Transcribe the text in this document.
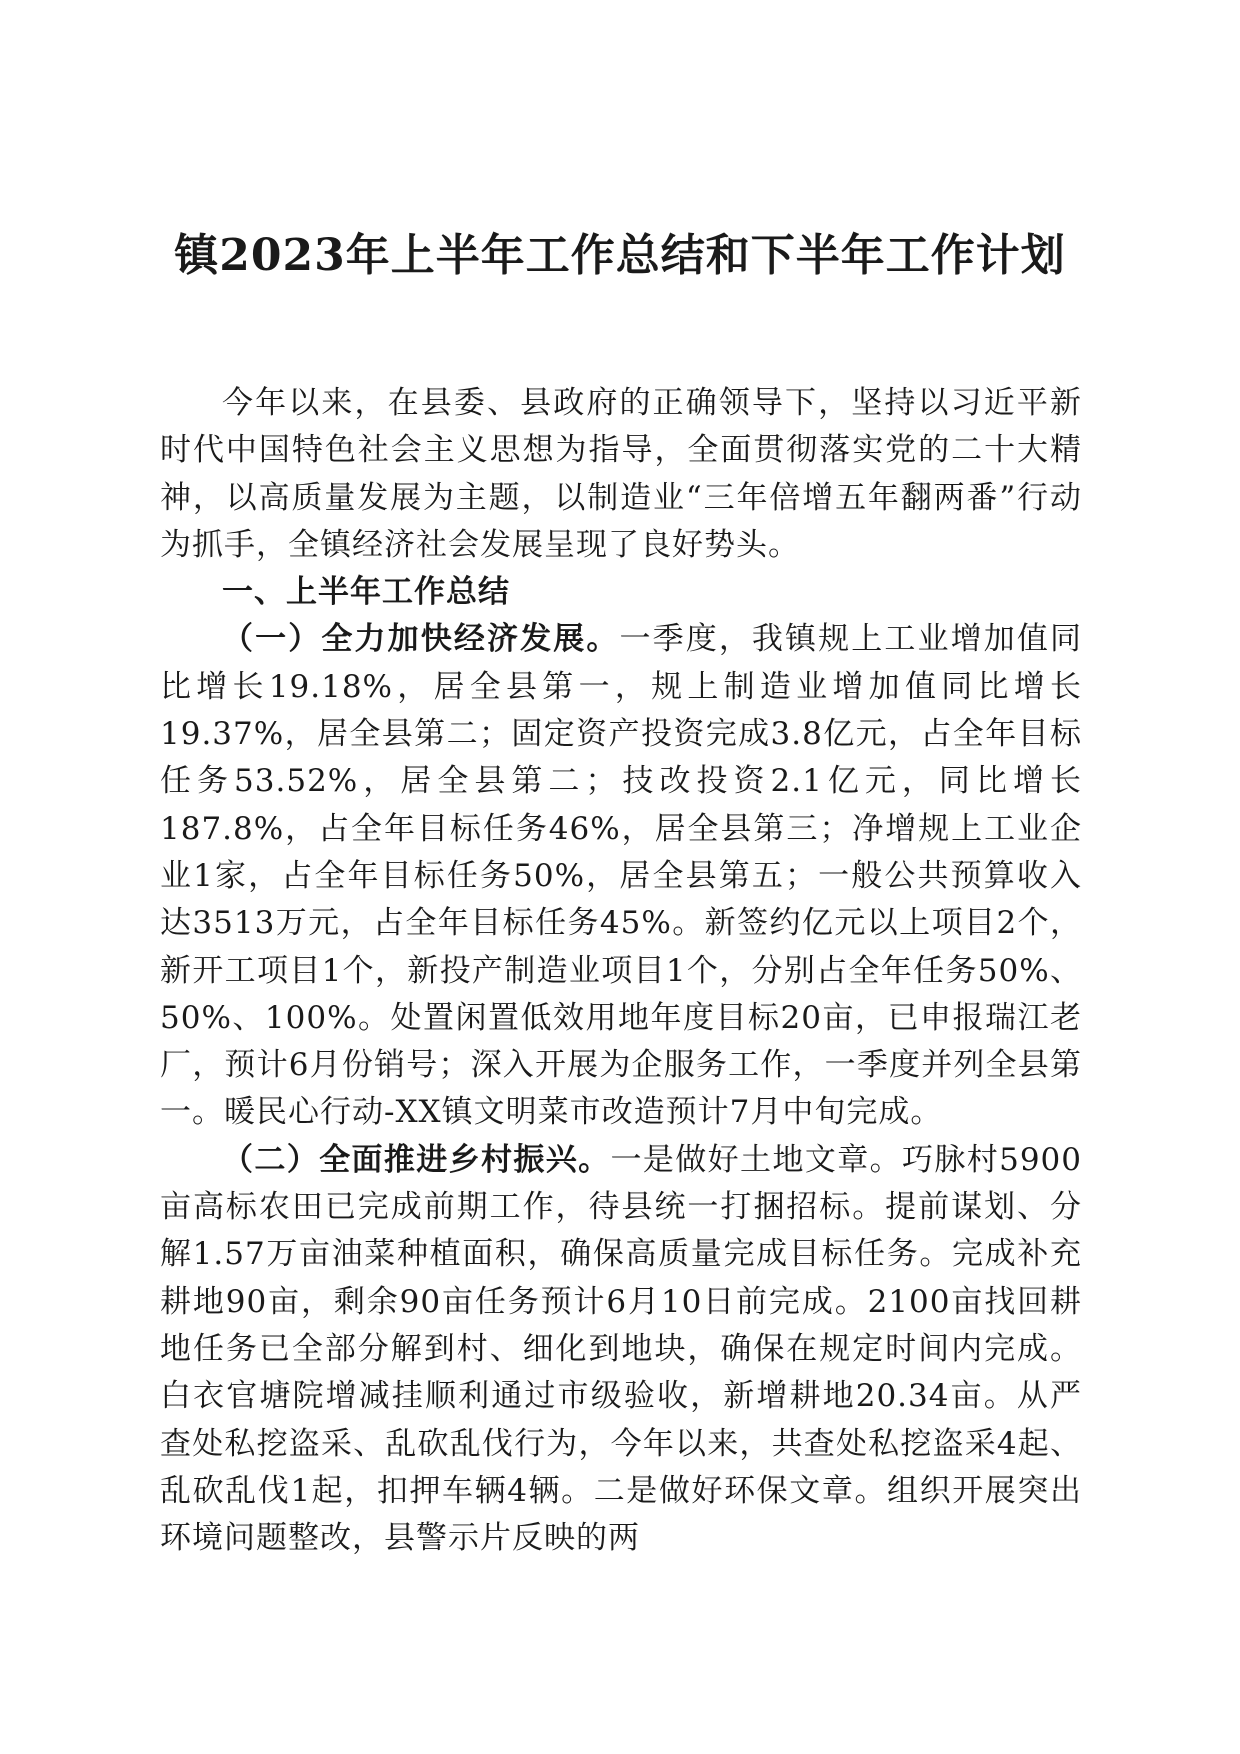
镇2023年上半年工作总结和下半年工作计划

今年以来，在县委、县政府的正确领导下，坚持以习近平新时代中国特色社会主义思想为指导，全面贯彻落实党的二十大精神，以高质量发展为主题，以制造业“三年倍增五年翻两番”行动为抓手，全镇经济社会发展呈现了良好势头。

一、上半年工作总结

（一）全力加快经济发展。一季度，我镇规上工业增加值同比增长19.18%，居全县第一，规上制造业增加值同比增长19.37%，居全县第二；固定资产投资完成3.8亿元，占全年目标任务53.52%，居全县第二；技改投资2.1亿元，同比增长187.8%，占全年目标任务46%，居全县第三；净增规上工业企业1家，占全年目标任务50%，居全县第五；一般公共预算收入达3513万元，占全年目标任务45%。新签约亿元以上项目2个，新开工项目1个，新投产制造业项目1个，分别占全年任务50%、50%、100%。处置闲置低效用地年度目标20亩，已申报瑞江老厂，预计6月份销号；深入开展为企服务工作，一季度并列全县第一。暖民心行动-XX镇文明菜市改造预计7月中旬完成。

（二）全面推进乡村振兴。一是做好土地文章。巧脉村5900亩高标农田已完成前期工作，待县统一打捆招标。提前谋划、分解1.57万亩油菜种植面积，确保高质量完成目标任务。完成补充耕地90亩，剩余90亩任务预计6月10日前完成。2100亩找回耕地任务已全部分解到村、细化到地块，确保在规定时间内完成。白衣官塘院增减挂顺利通过市级验收，新增耕地20.34亩。从严查处私挖盗采、乱砍乱伐行为，今年以来，共查处私挖盗采4起、乱砍乱伐1起，扣押车辆4辆。二是做好环保文章。组织开展突出环境问题整改，县警示片反映的两
